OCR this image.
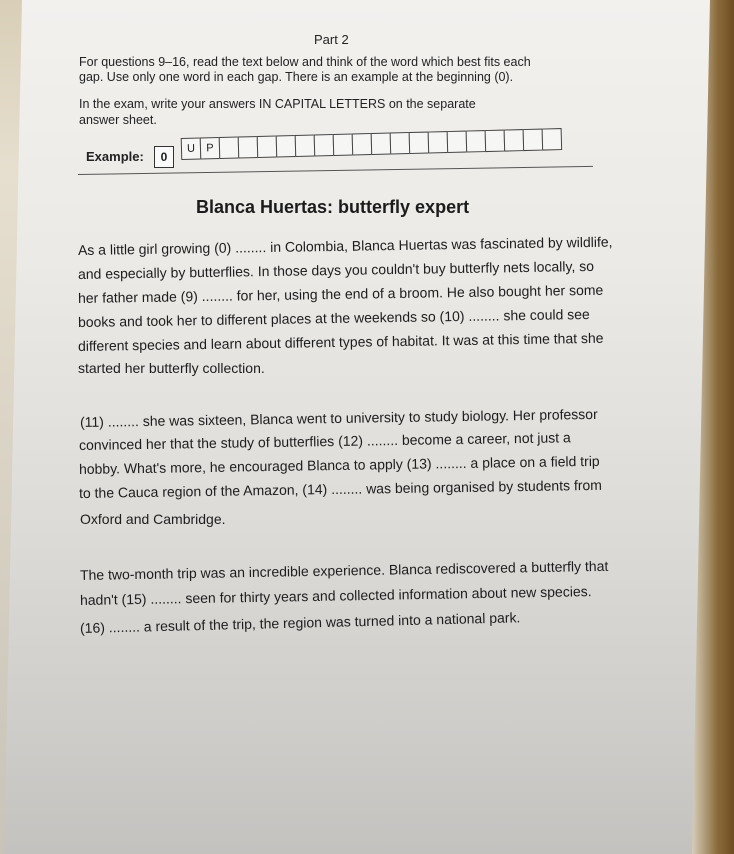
Part 2
For questions 9–16, read the text below and think of the word which best fits each
gap. Use only one word in each gap. There is an example at the beginning (0).
In the exam, write your answers IN CAPITAL LETTERS on the separate
answer sheet.
Example:	0
U	P
Blanca Huertas: butterfly expert
As a little girl growing (0) ........ in Colombia, Blanca Huertas was fascinated by wildlife,
and especially by butterflies. In those days you couldn't buy butterfly nets locally, so
her father made (9) ........ for her, using the end of a broom. He also bought her some
books and took her to different places at the weekends so (10) ........ she could see
different species and learn about different types of habitat. It was at this time that she
started her butterfly collection.
(11) ........ she was sixteen, Blanca went to university to study biology. Her professor
convinced her that the study of butterflies (12) ........ become a career, not just a
hobby. What's more, he encouraged Blanca to apply (13) ........ a place on a field trip
to the Cauca region of the Amazon, (14) ........ was being organised by students from
Oxford and Cambridge.
The two-month trip was an incredible experience. Blanca rediscovered a butterfly that
hadn't (15) ........ seen for thirty years and collected information about new species.
(16) ........ a result of the trip, the region was turned into a national park.
